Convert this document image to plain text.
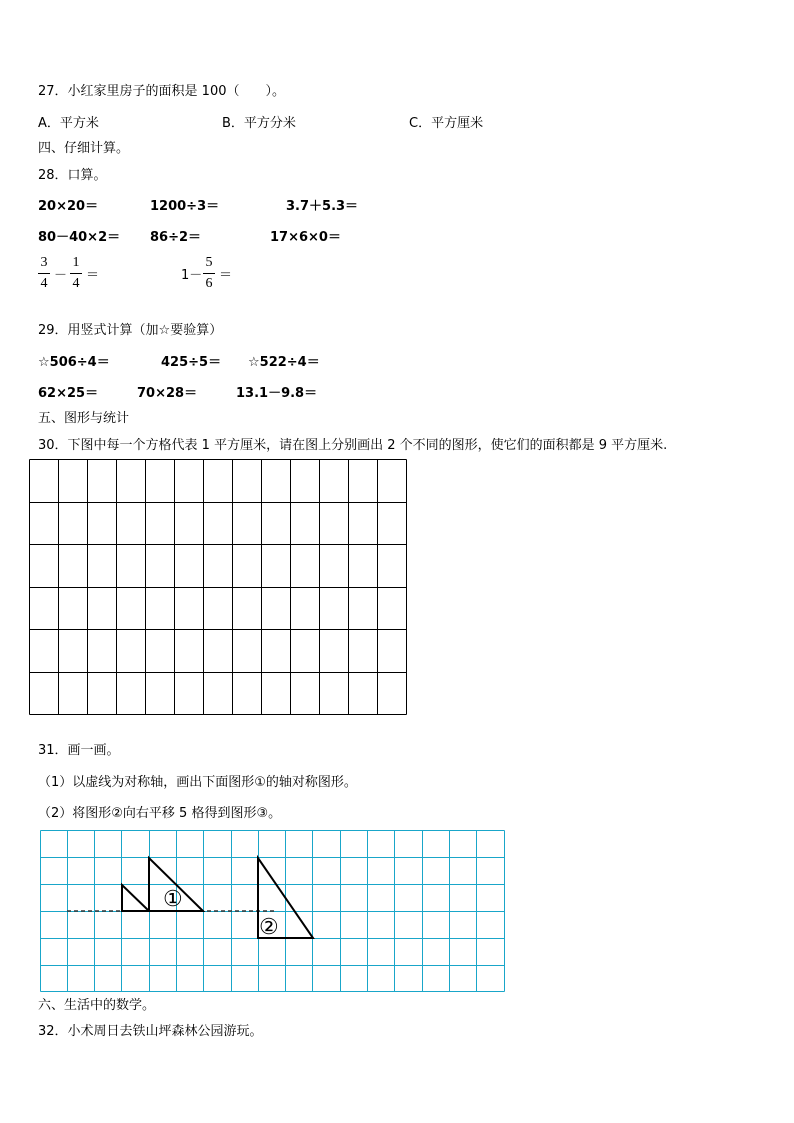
27．小红家里房子的面积是 100（　　）。
A．平方米	B．平方分米	C．平方厘米
四、仔细计算。
28．口算。
20×20＝	1200÷3＝	3.7＋5.3＝
80－40×2＝ 86÷2＝	17×6×0＝
3
4
－
1
4
＝	1－
5
6
＝
29．用竖式计算（加☆要验算）
☆506÷4＝	425÷5＝ ☆522÷4＝
62×25＝	70×28＝	13.1－9.8＝
五、图形与统计
30．下图中每一个方格代表 1 平方厘米，请在图上分别画出 2 个不同的图形，使它们的面积都是 9 平方厘米.
31．画一画。
（1）以虚线为对称轴，画出下面图形①的轴对称图形。
（2）将图形②向右平移 5 格得到图形③。
①
②
六、生活中的数学。
32．小术周日去铁山坪森林公园游玩。
